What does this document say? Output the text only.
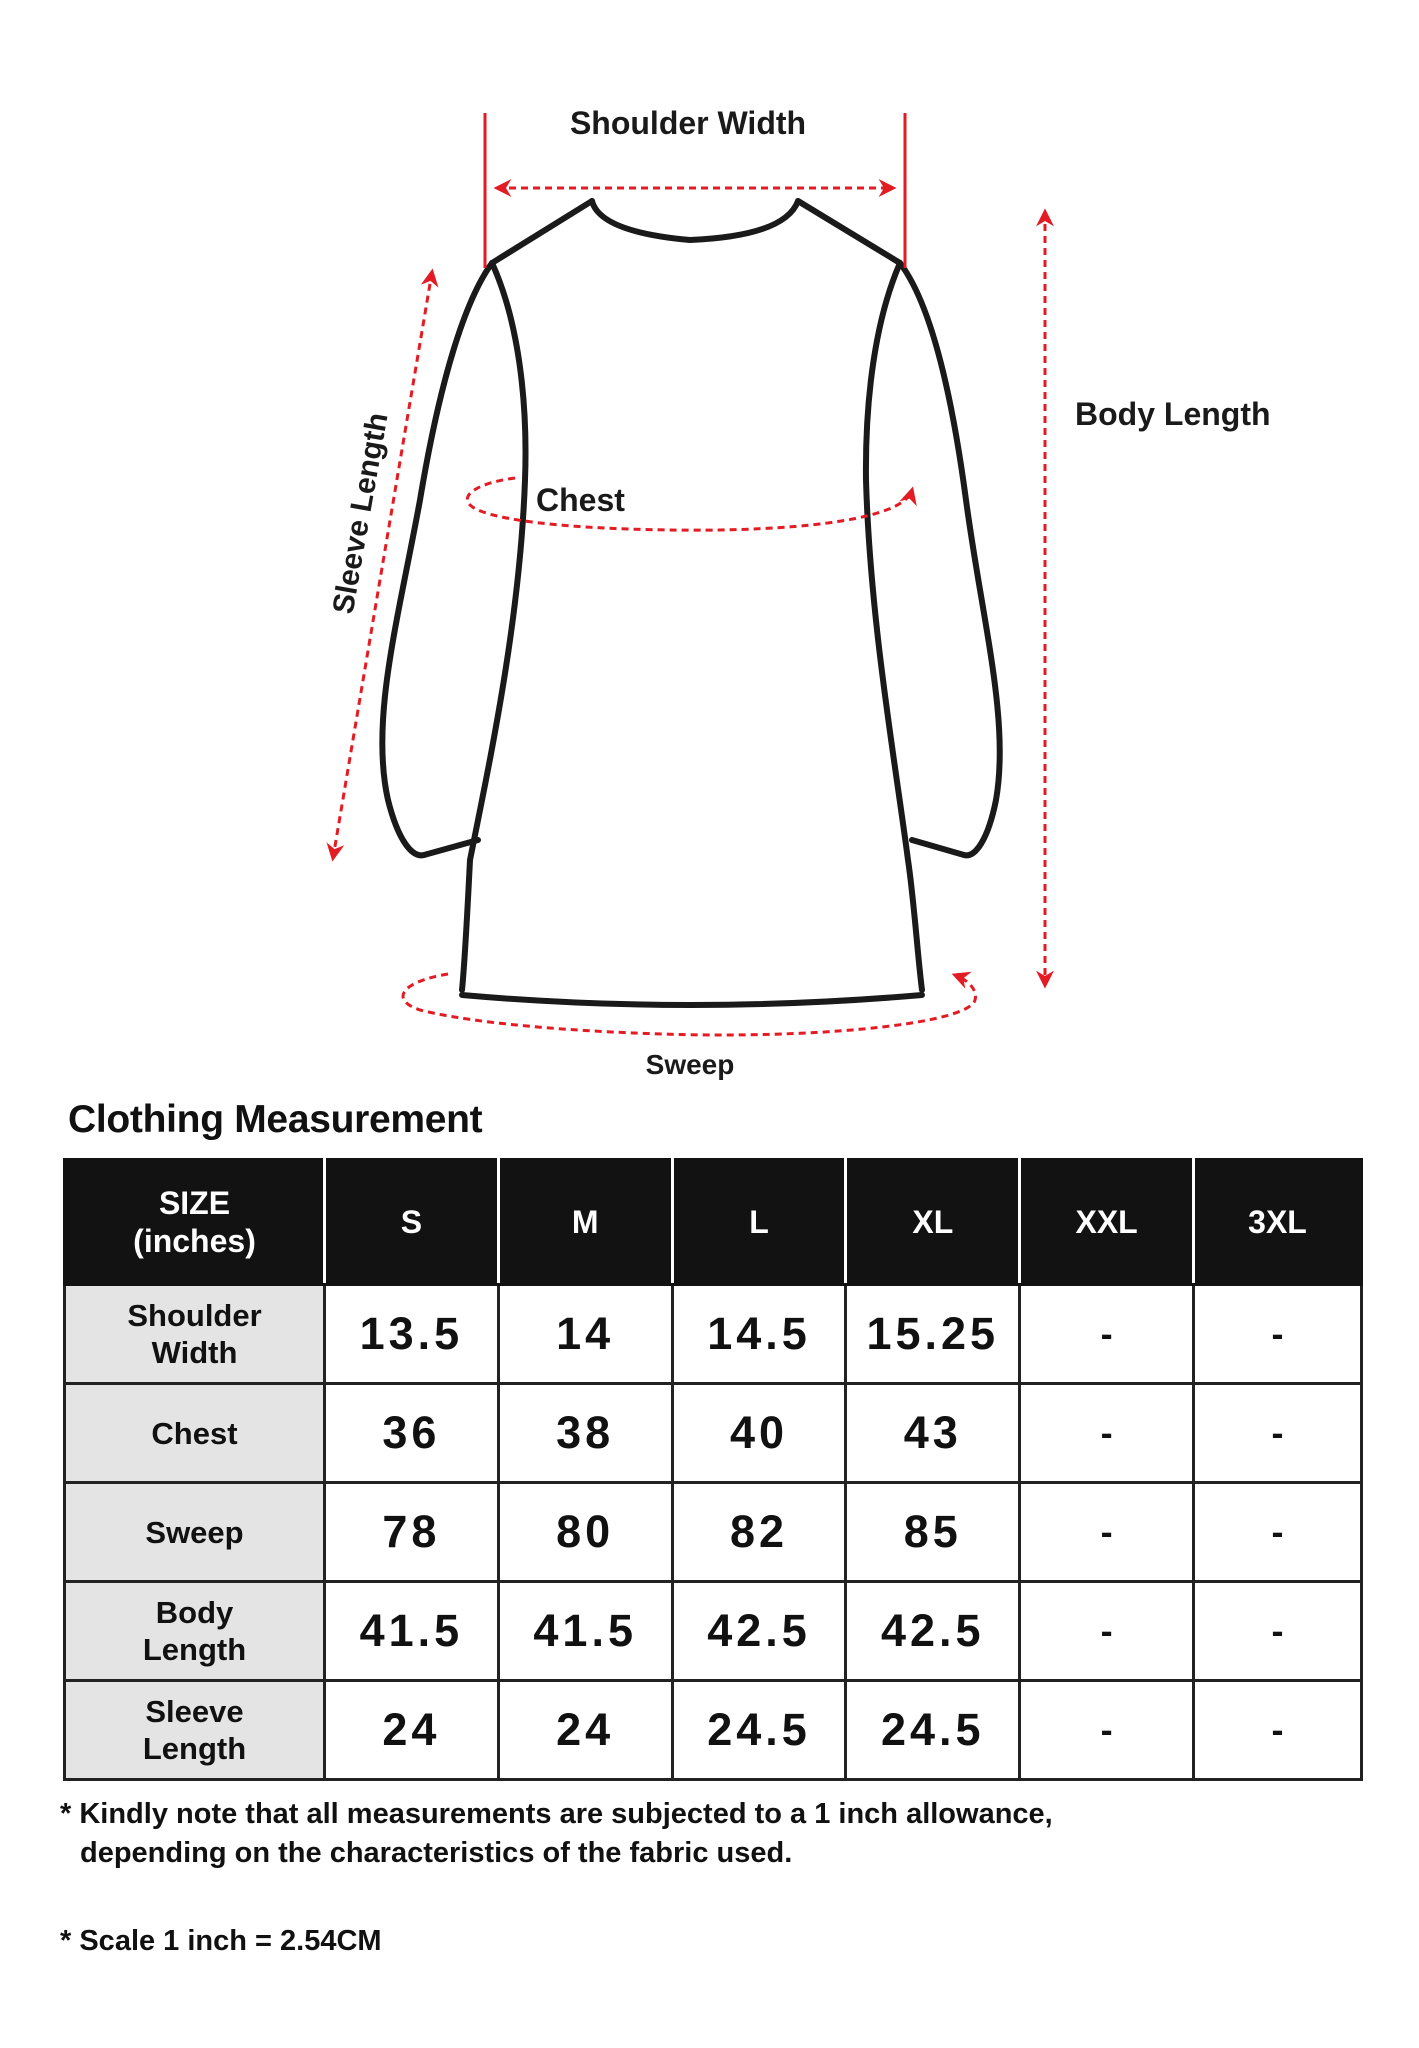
Shoulder Width
Body Length
Sleeve Length	Chest
Sweep
Clothing Measurement
SIZE
(inches)	S	M	L	XL	XXL	3XL

Shoulder
Width	13.5	14	14.5	15.25	-	-

Chest	36	38	40	43	-	-

Sweep	78	80	82	85	-	-

Body
Length	41.5	41.5	42.5	42.5	-	-

Sleeve
Length	24	24	24.5	24.5	-	-

* Kindly note that all measurements are subjected to a 1 inch allowance,
depending on the characteristics of the fabric used.

* Scale 1 inch = 2.54CM
